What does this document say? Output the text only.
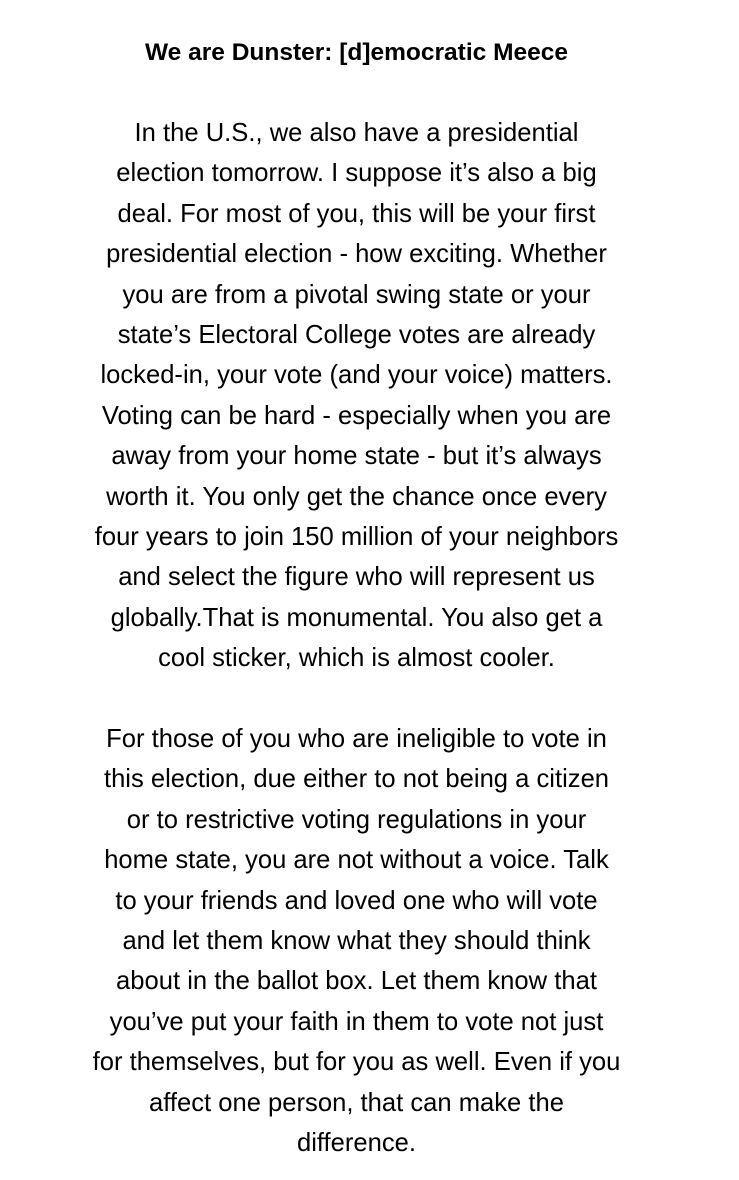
We are Dunster: [d]emocratic Meece
In the U.S., we also have a presidential
election tomorrow. I suppose it’s also a big
deal. For most of you, this will be your first
presidential election - how exciting. Whether
you are from a pivotal swing state or your
state’s Electoral College votes are already
locked-in, your vote (and your voice) matters.
Voting can be hard - especially when you are
away from your home state - but it’s always
worth it. You only get the chance once every
four years to join 150 million of your neighbors
and select the figure who will represent us
globally.That is monumental. You also get a
cool sticker, which is almost cooler.
For those of you who are ineligible to vote in
this election, due either to not being a citizen
or to restrictive voting regulations in your
home state, you are not without a voice. Talk
to your friends and loved one who will vote
and let them know what they should think
about in the ballot box. Let them know that
you’ve put your faith in them to vote not just
for themselves, but for you as well. Even if you
affect one person, that can make the
difference.
